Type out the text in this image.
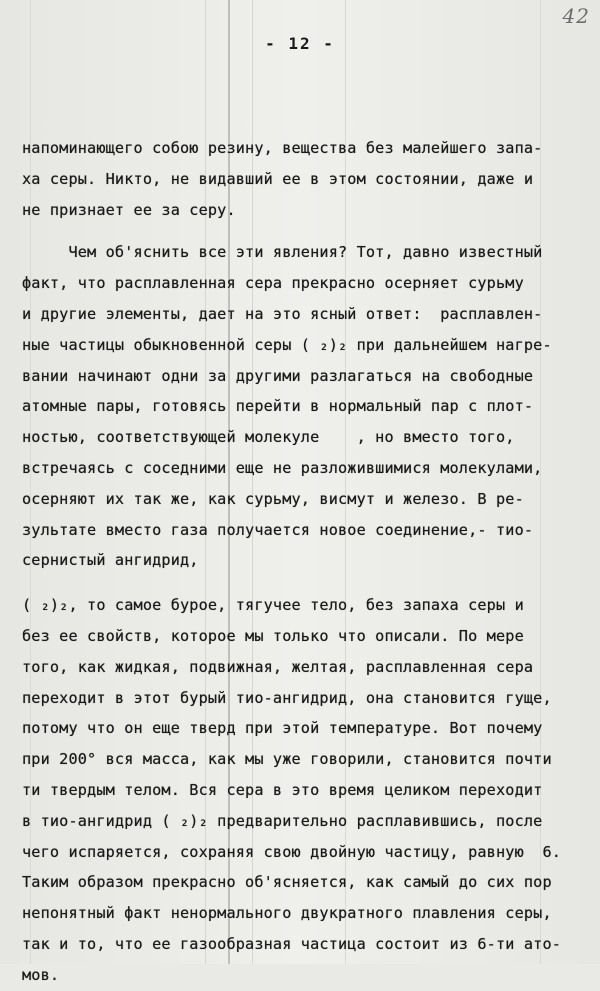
42
- 12 -
напоминающего собою резину, вещества без малейшего запа-
ха серы. Никто, не видавший ее в этом состоянии, даже и
не признает ее за серу.
Чем об'яснить все эти явления? Тот, давно известный
факт, что расплавленная сера прекрасно осерняет сурьму
и другие элементы, дает на это ясный ответ:  расплавлен-
ные частицы обыкновенной серы ( ₂)₂ при дальнейшем нагре-
вании начинают одни за другими разлагаться на свободные
атомные пары, готовясь перейти в нормальный пар с плот-
ностью, соответствующей молекуле    , но вместо того,
встречаясь с соседними еще не разложившимися молекулами,
осерняют их так же, как сурьму, висмут и железо. В ре-
зультате вместо газа получается новое соединение,- тио-
сернистый ангидрид,
( ₂)₂, то самое бурое, тягучее тело, без запаха серы и
без ее свойств, которое мы только что описали. По мере
того, как жидкая, подвижная, желтая, расплавленная сера
переходит в этот бурый тио-ангидрид, она становится гуще,
потому что он еще тверд при этой температуре. Вот почему
при 200° вся масса, как мы уже говорили, становится почти
ти твердым телом. Вся сера в это время целиком переходит
в тио-ангидрид ( ₂)₂ предварительно расплавившись, после
чего испаряется, сохраняя свою двойную частицу, равную  6.
Таким образом прекрасно об'ясняется, как самый до сих пор
непонятный факт ненормального двукратного плавления серы,
так и то, что ее газообразная частица состоит из 6-ти ато-
мов.
